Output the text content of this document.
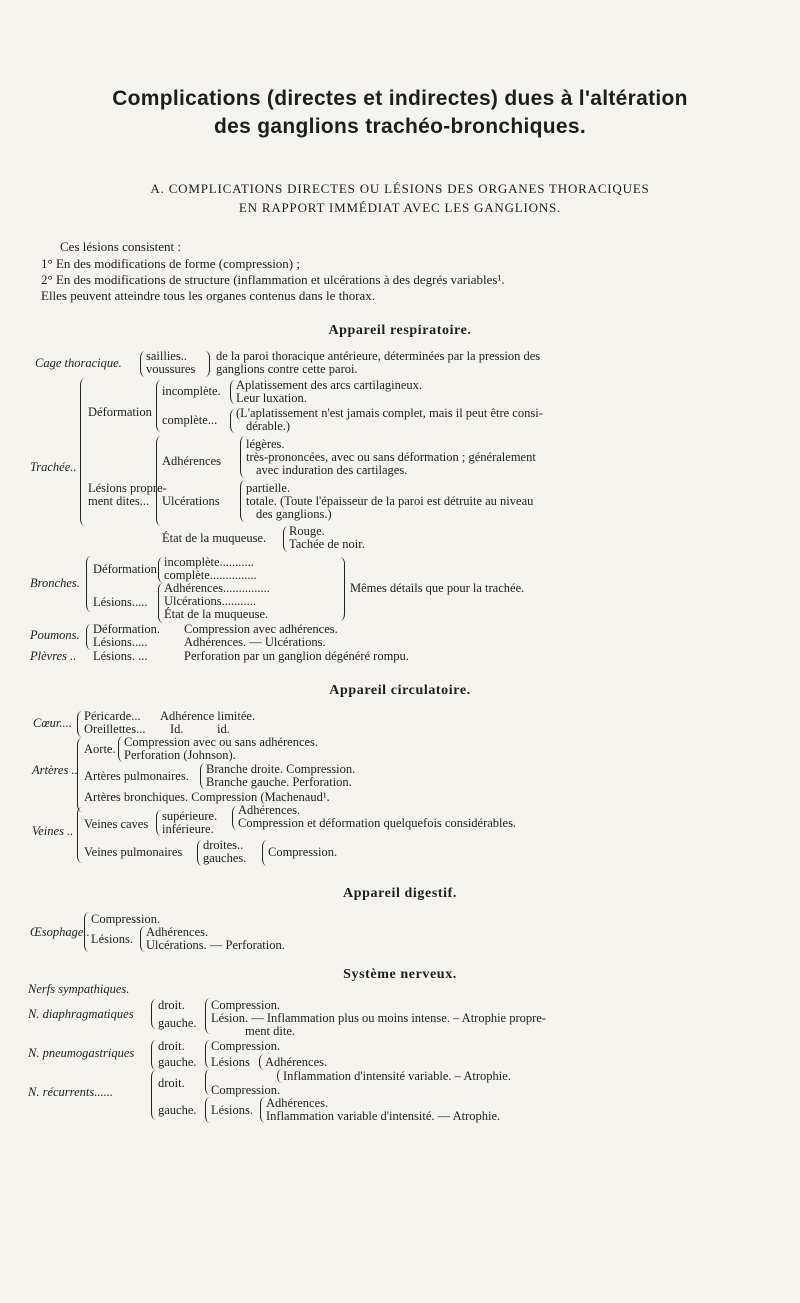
Complications (directes et indirectes) dues à l'altération
des ganglions trachéo-bronchiques.
A. COMPLICATIONS DIRECTES OU LÉSIONS DES ORGANES THORACIQUES
EN RAPPORT IMMÉDIAT AVEC LES GANGLIONS.
Ces lésions consistent :
1° En des modifications de forme (compression) ;
2° En des modifications de structure (inflammation et ulcérations à des degrés variables¹.
Elles peuvent atteindre tous les organes contenus dans le thorax.
Appareil respiratoire.
Cage thoracique. saillies..
voussures
de la paroi thoracique antérieure, déterminées par la pression des
ganglions contre cette paroi.
Trachée..
Déformation
incomplète. Aplatissement des arcs cartilagineux.
Leur luxation.
complète... (L'aplatissement n'est jamais complet, mais il peut être consi-
dérable.)
Lésions propre-
ment dites...
Adhérences
légères.
très-prononcées, avec ou sans déformation ; généralement
avec induration des cartilages.
Ulcérations
partielle.
totale. (Toute l'épaisseur de la paroi est détruite au niveau
des ganglions.)
État de la muqueuse. Rouge.
Tachée de noir.
Bronches.
Déformation incomplète...........
complète...............
Lésions.....
Adhérences...............
Ulcérations...........
État de la muqueuse.
Mêmes détails que pour la trachée.
Poumons. Déformation.
Lésions.....
Compression avec adhérences.
Adhérences. — Ulcérations.
Plèvres .. Lésions. ...	Perforation par un ganglion dégénéré rompu.
Appareil circulatoire.
Cœur.... Péricarde...
Oreillettes...
Adhérence limitée.
Id.	id.
Artères ..
Aorte. Compression avec ou sans adhérences.
Perforation (Johnson).
Artères pulmonaires. Branche droite. Compression.
Branche gauche. Perforation.
Artères bronchiques. Compression (Machenaud¹.
Veines .. Veines caves
supérieure.
inférieure.
Adhérences.
Compression et déformation quelquefois considérables.
Veines pulmonaires droites..
gauches. Compression.
Appareil digestif.
Œsophage..
Compression.
Lésions. Adhérences.
Ulcérations. — Perforation.
Système nerveux.
Nerfs sympathiques.
N. diaphragmatiques
droit.
gauche.
Compression.
Lésion. — Inflammation plus ou moins intense. – Atrophie propre-
ment dite.
N. pneumogastriques droit.
gauche.
Compression.
Lésions Adhérences.
N. récurrents......
droit. Compression.
Inflammation d'intensité variable. – Atrophie.
gauche. Lésions. Adhérences.
Inflammation variable d'intensité. — Atrophie.
